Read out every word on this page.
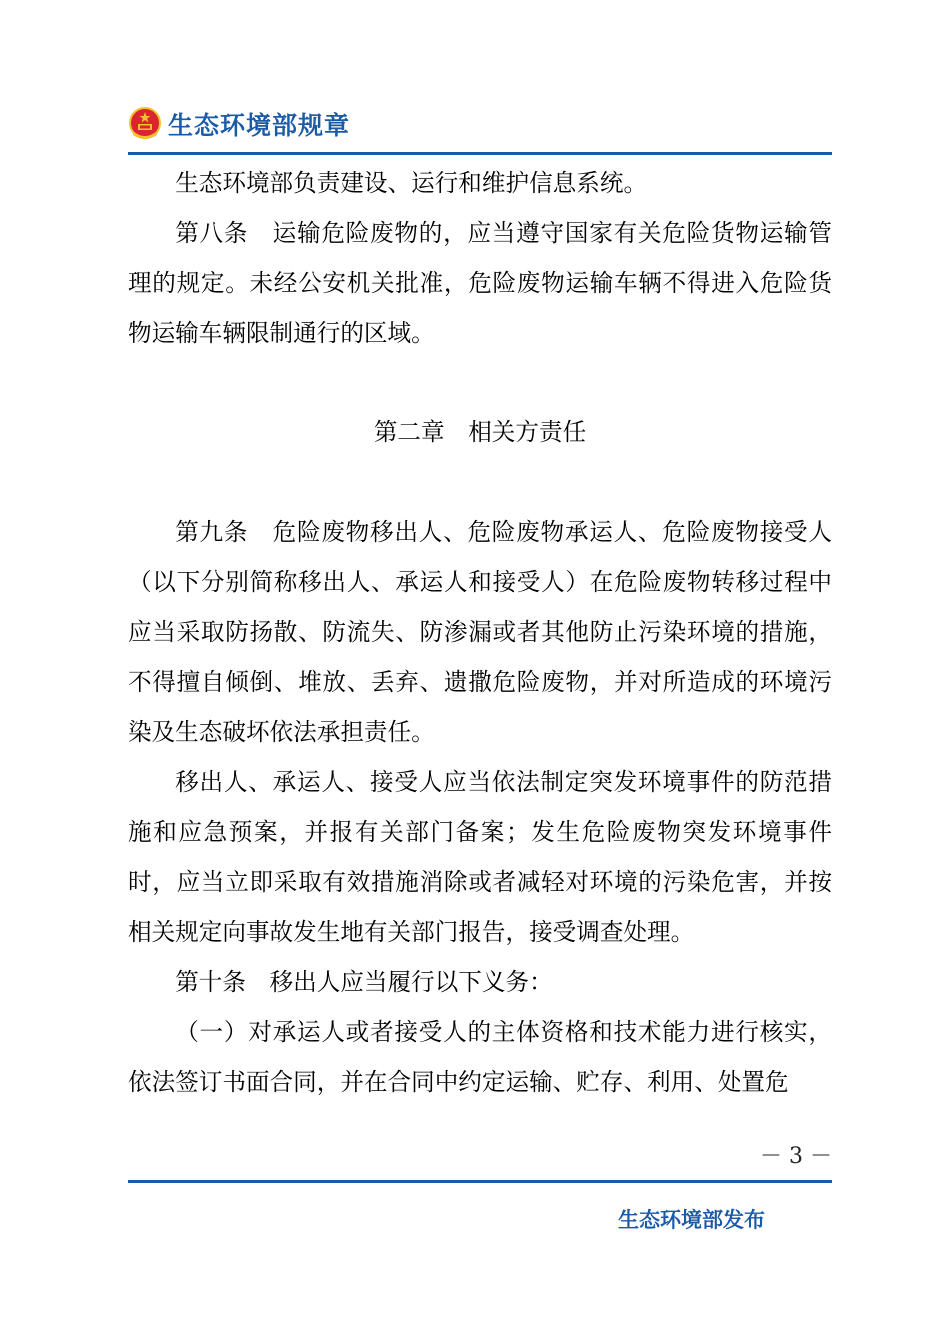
生态环境部规章

生态环境部负责建设、运行和维护信息系统。

第八条　运输危险废物的，应当遵守国家有关危险货物运输管理的规定。未经公安机关批准，危险废物运输车辆不得进入危险货物运输车辆限制通行的区域。

第二章　相关方责任

第九条　危险废物移出人、危险废物承运人、危险废物接受人（以下分别简称移出人、承运人和接受人）在危险废物转移过程中应当采取防扬散、防流失、防渗漏或者其他防止污染环境的措施，不得擅自倾倒、堆放、丢弃、遗撒危险废物，并对所造成的环境污染及生态破坏依法承担责任。

移出人、承运人、接受人应当依法制定突发环境事件的防范措施和应急预案，并报有关部门备案；发生危险废物突发环境事件时，应当立即采取有效措施消除或者减轻对环境的污染危害，并按相关规定向事故发生地有关部门报告，接受调查处理。

第十条　移出人应当履行以下义务：

（一）对承运人或者接受人的主体资格和技术能力进行核实，依法签订书面合同，并在合同中约定运输、贮存、利用、处置危

－ 3 －
生态环境部发布
